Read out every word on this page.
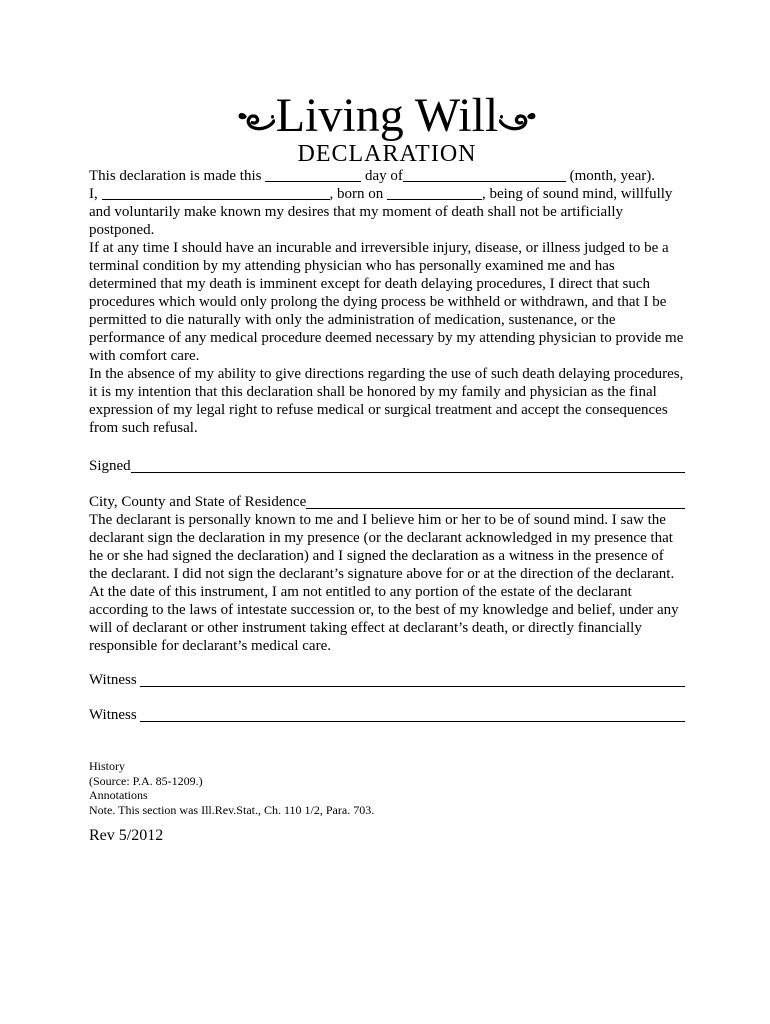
Living Will
DECLARATION

This declaration is made this	day of	(month, year).

I,	, born on	, being of sound mind, willfully and voluntarily make known my desires that my moment of death shall not be artificially postponed.

If at any time I should have an incurable and irreversible injury, disease, or illness judged to be a terminal condition by my attending physician who has personally examined me and has determined that my death is imminent except for death delaying procedures, I direct that such procedures which would only prolong the dying process be withheld or withdrawn, and that I be permitted to die naturally with only the administration of medication, sustenance, or the performance of any medical procedure deemed necessary by my attending physician to provide me with comfort care.

In the absence of my ability to give directions regarding the use of such death delaying procedures, it is my intention that this declaration shall be honored by my family and physician as the final expression of my legal right to refuse medical or surgical treatment and accept the consequences from such refusal.

Signed
City, County and State of Residence

The declarant is personally known to me and I believe him or her to be of sound mind. I saw the declarant sign the declaration in my presence (or the declarant acknowledged in my presence that he or she had signed the declaration) and I signed the declaration as a witness in the presence of the declarant. I did not sign the declarant’s signature above for or at the direction of the declarant. At the date of this instrument, I am not entitled to any portion of the estate of the declarant according to the laws of intestate succession or, to the best of my knowledge and belief, under any will of declarant or other instrument taking effect at declarant’s death, or directly financially responsible for declarant’s medical care.

Witness
Witness
History
(Source: P.A. 85-1209.)
Annotations
Note. This section was Ill.Rev.Stat., Ch. 110 1/2, Para. 703.
Rev 5/2012
